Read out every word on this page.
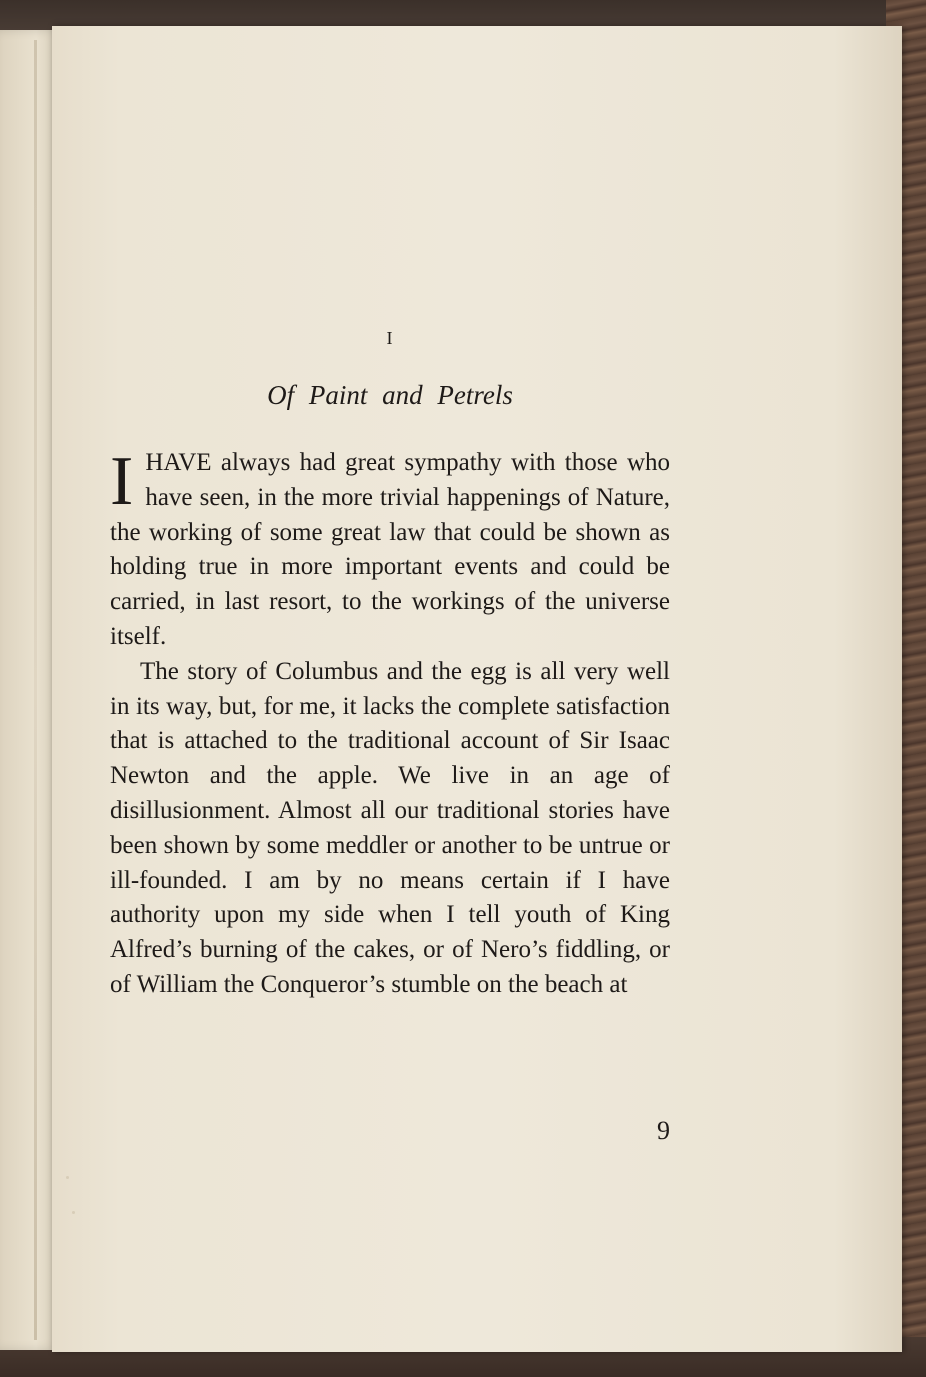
I
Of Paint and Petrels

IHAVE always had great sympathy with those who have seen, in the more trivial happenings of Nature, the working of some great law that could be shown as holding true in more important events and could be carried, in last resort, to the workings of the universe itself.

The story of Columbus and the egg is all very well in its way, but, for me, it lacks the complete satisfaction that is attached to the traditional account of Sir Isaac Newton and the apple. We live in an age of disillusionment. Almost all our traditional stories have been shown by some meddler or another to be untrue or ill-founded. I am by no means certain if I have authority upon my side when I tell youth of King Alfred’s burning of the cakes, or of Nero’s fiddling, or of William the Conqueror’s stumble on the beach at

9
